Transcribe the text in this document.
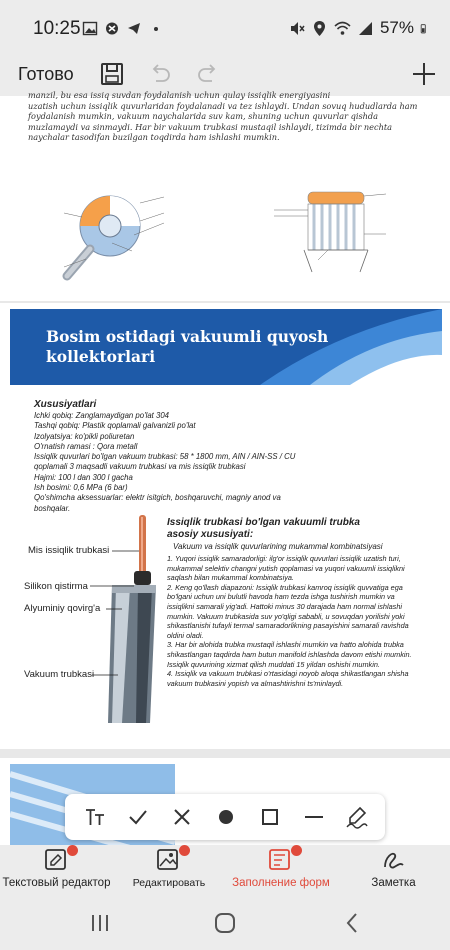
10:25	57%
Готово
manzil, bu esa issiq suvdan foydalanish uchun qulay issiqlik energiyasini
uzatish uchun issiqlik quvurlaridan foydalanadi va tez ishlaydi. Undan sovuq hududlarda ham
foydalanish mumkin, vakuum naychalarida suv kam, shuning uchun quvurlar qishda
muzlamaydi va sinmaydi. Har bir vakuum trubkasi mustaqil ishlaydi, tizimda bir nechta
naychalar tasodifan buzilgan toqdirda ham ishlashi mumkin.
Bosim ostidagi vakuumli quyosh kollektorlari
Xususiyatlari
Ichki qobiq: Zanglamaydigan po'lat 304
Tashqi qobiq: Plastik qoplamali galvanizli po'lat
Izolyatsiya: ko'pikli poliuretan
O'rnatish ramasi : Qora metall
Issiqlik quvurlari bo'lgan vakuum trubkasi: 58 * 1800 mm, AIN / AIN-SS / CU
qoplamali 3 maqsadli vakuum trubkasi va mis issiqlik trubkasi
Hajmi: 100 l dan 300 l gacha
Ish bosimi: 0,6 MPa (6 bar)
Qo'shimcha aksessuarlar: elektr isitgich, boshqaruvchi, magniy anod va
boshqalar.
Mis issiqlik trubkasi
Silikon qistirma
Alyuminiy qovirg'a
Vakuum trubkasi
Issiqlik trubkasi bo'lgan vakuumli trubka
asosiy xususiyati:
Vakuum va issiqlik quvurlarining mukammal kombinatsiyasi
1. Yuqori issiqlik samaradorligi: ilg'or issiqlik quvurlari issiqlik uzatish turi,
mukammal selektiv changni yutish qoplamasi va yuqori vakuumli issiqlikni
saqlash bilan mukammal kombinatsiya.
2. Keng qo'llash diapazoni: Issiqlik trubkasi kamroq issiqlik quvvatiga ega
bo'lgani uchun uni bulutli havoda ham tezda ishga tushirish mumkin va
issiqlikni samarali yig'adi. Hattoki minus 30 darajada ham normal ishlashi
mumkin. Vakuum trubkasida suv yo'qligi sababli, u sovuqdan yorilishi yoki
shikastlanishi tufayli termal samaradorlikning pasayishini samarali ravishda
oldini oladi.
3. Har bir alohida trubka mustaqil ishlashi mumkin va hatto alohida trubka
shikastlangan taqdirda ham butun manifold ishlashda davom etishi mumkin.
Issiqlik quvurining xizmat qilish muddati 15 yildan oshishi mumkin.
4. Issiqlik va vakuum trubkasi o'rtasidagi noyob aloqa shikastlangan shisha
vakuum trubkasini yopish va almashtirishni ts'minlaydi.
Текстовый редактор	Редактировать	Заполнение форм	Заметка
